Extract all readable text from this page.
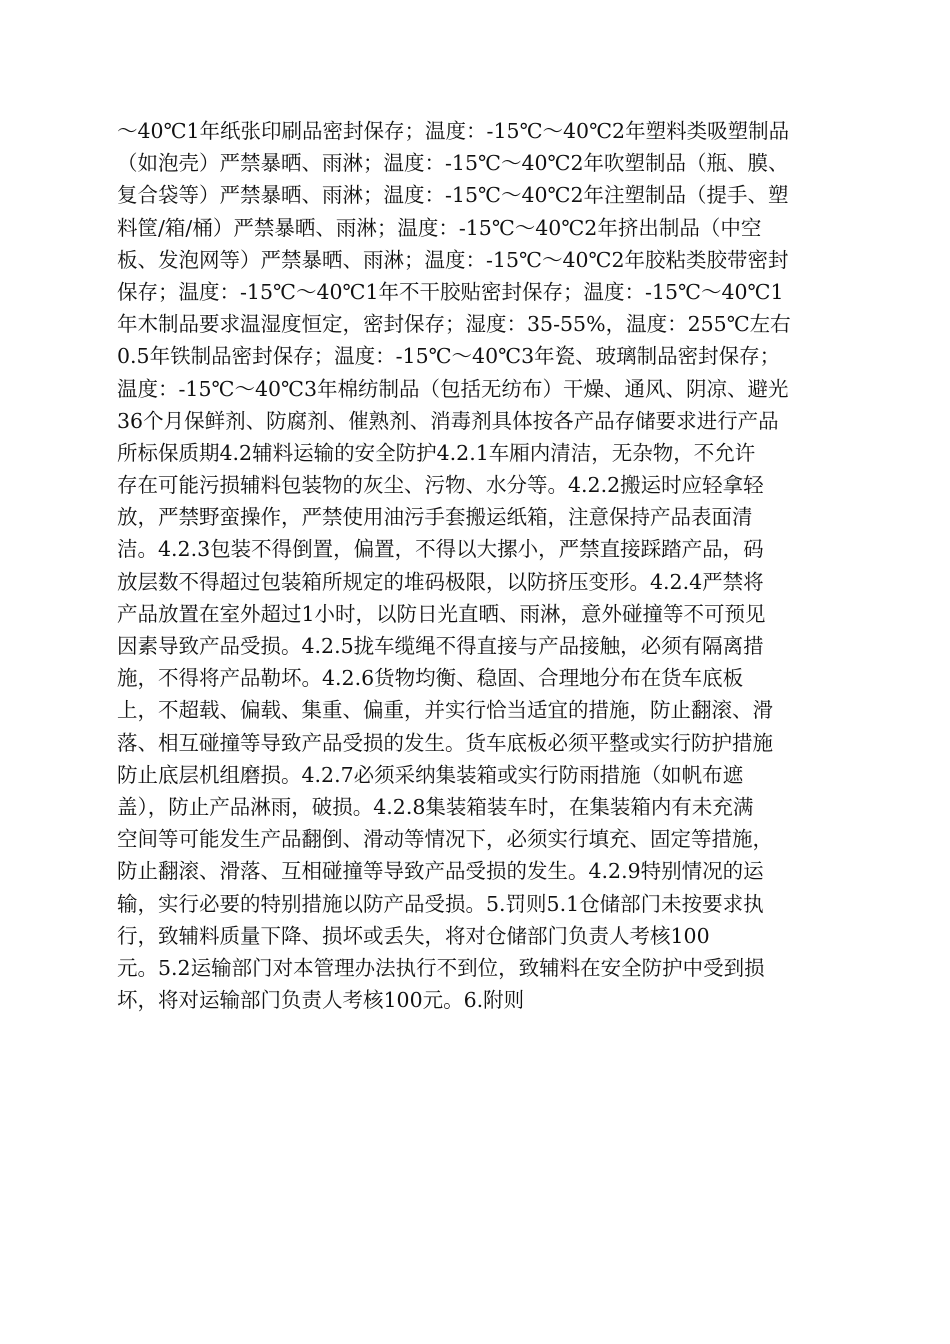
～40℃1年纸张印刷品密封保存；温度：-15℃～40℃2年塑料类吸塑制品
（如泡壳）严禁暴晒、雨淋；温度：-15℃～40℃2年吹塑制品（瓶、膜、
复合袋等）严禁暴晒、雨淋；温度：-15℃～40℃2年注塑制品（提手、塑
料筐/箱/桶）严禁暴晒、雨淋；温度：-15℃～40℃2年挤出制品（中空
板、发泡网等）严禁暴晒、雨淋；温度：-15℃～40℃2年胶粘类胶带密封
保存；温度：-15℃～40℃1年不干胶贴密封保存；温度：-15℃～40℃1
年木制品要求温湿度恒定，密封保存；湿度：35-55%，温度：255℃左右
0.5年铁制品密封保存；温度：-15℃～40℃3年瓷、玻璃制品密封保存；
温度：-15℃～40℃3年棉纺制品（包括无纺布）干燥、通风、阴凉、避光
36个月保鲜剂、防腐剂、催熟剂、消毒剂具体按各产品存储要求进行产品
所标保质期4.2辅料运输的安全防护4.2.1车厢内清洁，无杂物，不允许
存在可能污损辅料包装物的灰尘、污物、水分等。4.2.2搬运时应轻拿轻
放，严禁野蛮操作，严禁使用油污手套搬运纸箱，注意保持产品表面清
洁。4.2.3包装不得倒置，偏置，不得以大摞小，严禁直接踩踏产品，码
放层数不得超过包装箱所规定的堆码极限，以防挤压变形。4.2.4严禁将
产品放置在室外超过1小时，以防日光直晒、雨淋，意外碰撞等不可预见
因素导致产品受损。4.2.5拢车缆绳不得直接与产品接触，必须有隔离措
施，不得将产品勒坏。4.2.6货物均衡、稳固、合理地分布在货车底板
上，不超载、偏载、集重、偏重，并实行恰当适宜的措施，防止翻滚、滑
落、相互碰撞等导致产品受损的发生。货车底板必须平整或实行防护措施
防止底层机组磨损。4.2.7必须采纳集装箱或实行防雨措施（如帆布遮
盖），防止产品淋雨，破损。4.2.8集装箱装车时，在集装箱内有未充满
空间等可能发生产品翻倒、滑动等情况下，必须实行填充、固定等措施，
防止翻滚、滑落、互相碰撞等导致产品受损的发生。4.2.9特别情况的运
输，实行必要的特别措施以防产品受损。5.罚则5.1仓储部门未按要求执
行，致辅料质量下降、损坏或丢失，将对仓储部门负责人考核100
元。5.2运输部门对本管理办法执行不到位，致辅料在安全防护中受到损
坏，将对运输部门负责人考核100元。6.附则
